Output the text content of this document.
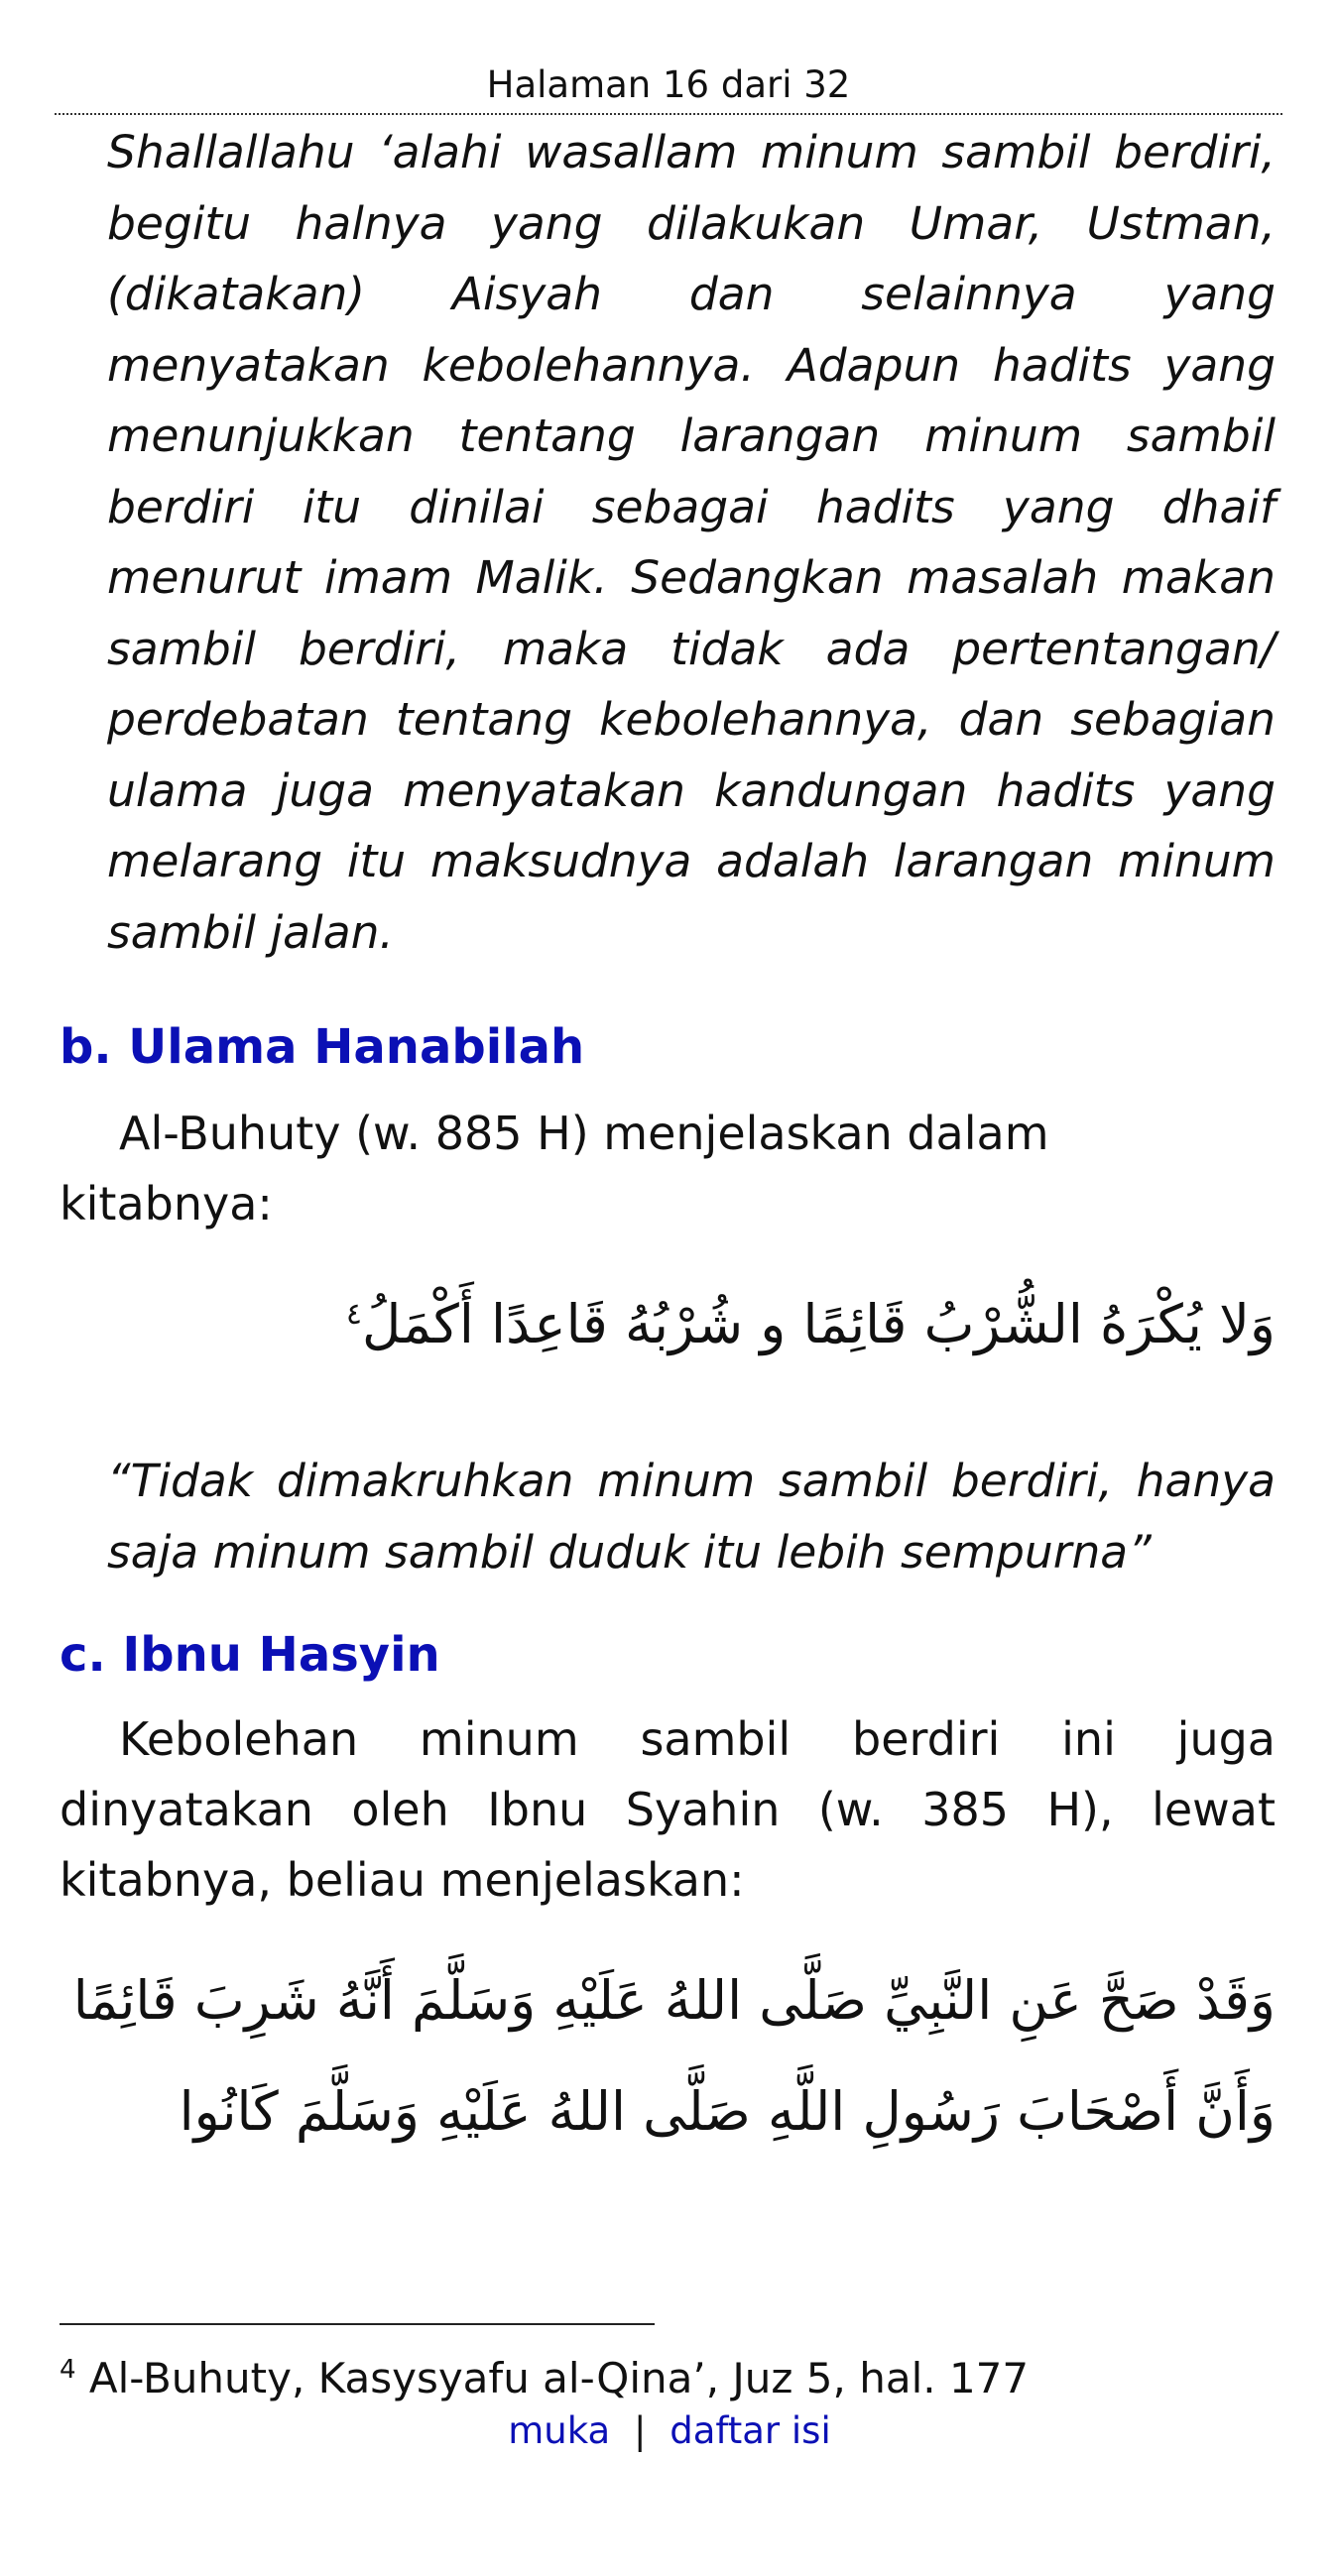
Halaman 16 dari 32

Shallallahu ‘alahi wasallam minum sambil berdiri, begitu halnya yang dilakukan Umar, Ustman, (dikatakan) Aisyah dan selainnya yang menyatakan kebolehannya. Adapun hadits yang menunjukkan tentang larangan minum sambil berdiri itu dinilai sebagai hadits yang dhaif menurut imam Malik. Sedangkan masalah makan sambil berdiri, maka tidak ada pertentangan/ perdebatan tentang kebolehannya, dan sebagian ulama juga menyatakan kandungan hadits yang melarang itu maksudnya adalah larangan minum sambil jalan.

b. Ulama Hanabilah

Al-Buhuty (w. 885 H) menjelaskan dalam kitabnya:

وَلا يُكْرَهُ الشُّرْبُ قَائِمًا و شُرْبُهُ قَاعِدًا أَكْمَلُ$^٤$

“Tidak dimakruhkan minum sambil berdiri, hanya saja minum sambil duduk itu lebih sempurna”

c. Ibnu Hasyin

Kebolehan minum sambil berdiri ini juga dinyatakan oleh Ibnu Syahin (w. 385 H), lewat kitabnya, beliau menjelaskan:

وَقَدْ صَحَّ عَنِ النَّبِيِّ صَلَّى اللهُ عَلَيْهِ وَسَلَّمَ أَنَّهُ شَرِبَ قَائِمًا

وَأَنَّ أَصْحَابَ رَسُولِ اللَّهِ صَلَّى اللهُ عَلَيْهِ وَسَلَّمَ كَانُوا

$^4$ Al-Buhuty, Kasysyafu al-Qina’, Juz 5, hal. 177
muka | daftar isi
